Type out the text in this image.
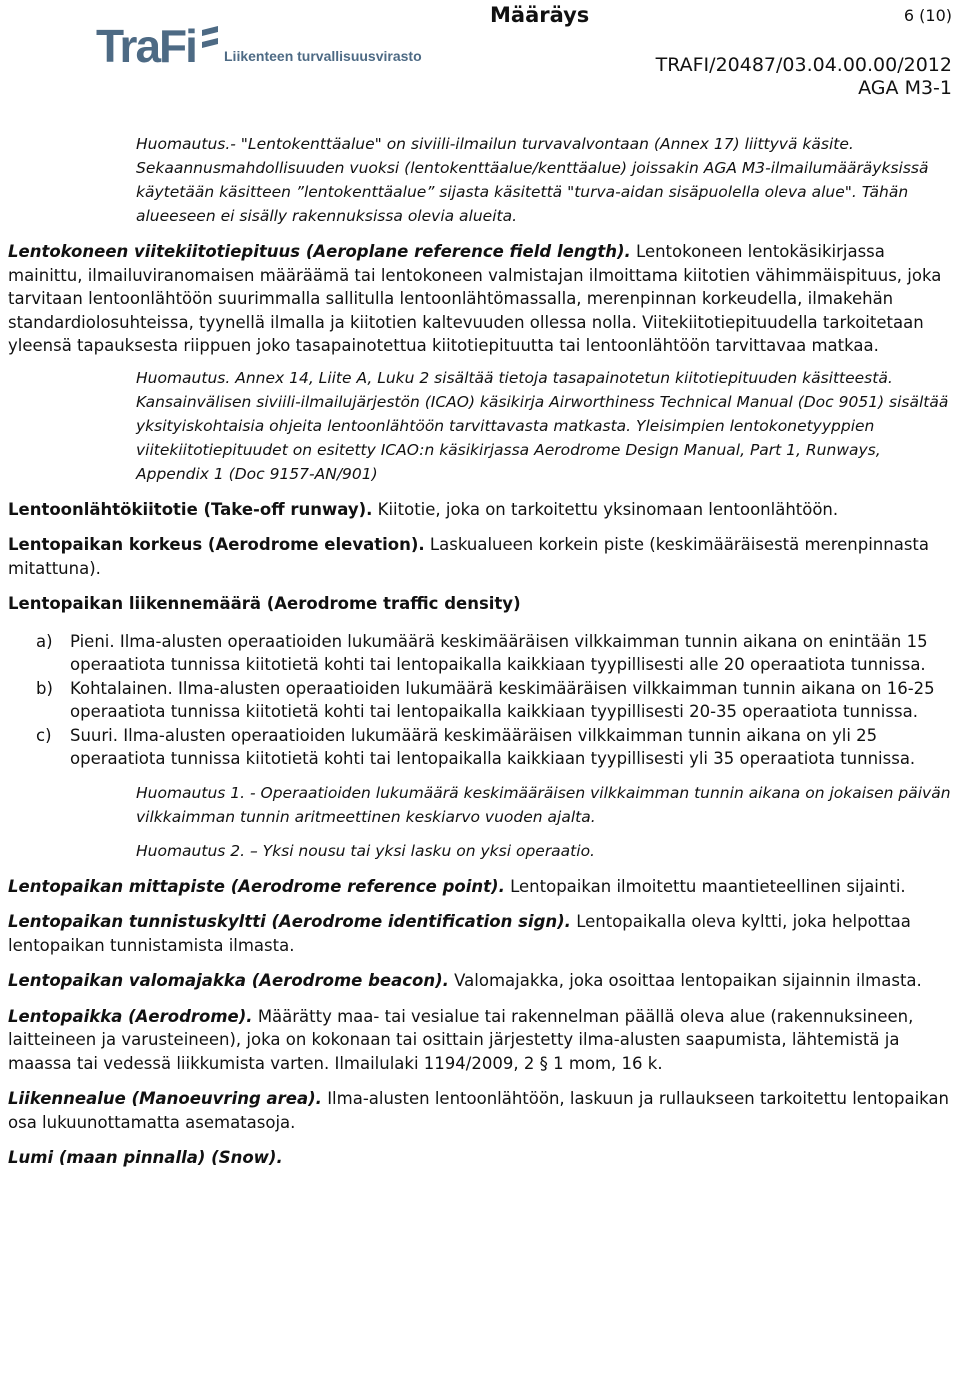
TraFi Liikenteen turvallisuusvirasto
Määräys	6 (10)
TRAFI/20487/03.04.00.00/2012
AGA M3-1

Huomautus.- "Lentokenttäalue" on siviili-ilmailun turvavalvontaan (Annex 17) liittyvä käsite. Sekaannusmahdollisuuden vuoksi (lentokenttäalue/kenttäalue) joissakin AGA M3-ilmailumääräyksissä käytetään käsitteen ”lentokenttäalue” sijasta käsitettä "turva-aidan sisäpuolella oleva alue". Tähän alueeseen ei sisälly rakennuksissa olevia alueita.

Lentokoneen viitekiitotiepituus (Aeroplane reference field length). Lentokoneen lentokäsikirjassa mainittu, ilmailuviranomaisen määräämä tai lentokoneen valmistajan ilmoittama kiitotien vähimmäispituus, joka tarvitaan lentoonlähtöön suurimmalla sallitulla lentoonlähtömassalla, merenpinnan korkeudella, ilmakehän standardiolosuhteissa, tyynellä ilmalla ja kiitotien kaltevuuden ollessa nolla. Viitekiitotiepituudella tarkoitetaan yleensä tapauksesta riippuen joko tasapainotettua kiitotiepituutta tai lentoonlähtöön tarvittavaa matkaa.

Huomautus. Annex 14, Liite A, Luku 2 sisältää tietoja tasapainotetun kiitotiepituuden käsitteestä. Kansainvälisen siviili-ilmailujärjestön (ICAO) käsikirja Airworthiness Technical Manual (Doc 9051) sisältää yksityiskohtaisia ohjeita lentoonlähtöön tarvittavasta matkasta. Yleisimpien lentokonetyyppien viitekiitotiepituudet on esitetty ICAO:n käsikirjassa Aerodrome Design Manual, Part 1, Runways, Appendix 1 (Doc 9157-AN/901)

Lentoonlähtökiitotie (Take-off runway). Kiitotie, joka on tarkoitettu yksinomaan lentoonlähtöön.

Lentopaikan korkeus (Aerodrome elevation). Laskualueen korkein piste (keskimääräisestä merenpinnasta mitattuna).

Lentopaikan liikennemäärä (Aerodrome traffic density)

a) Pieni. Ilma-alusten operaatioiden lukumäärä keskimääräisen vilkkaimman tunnin aikana on enintään 15 operaatiota tunnissa kiitotietä kohti tai lentopaikalla kaikkiaan tyypillisesti alle 20 operaatiota tunnissa.
b) Kohtalainen. Ilma-alusten operaatioiden lukumäärä keskimääräisen vilkkaimman tunnin aikana on 16-25 operaatiota tunnissa kiitotietä kohti tai lentopaikalla kaikkiaan tyypillisesti 20-35 operaatiota tunnissa.
c) Suuri. Ilma-alusten operaatioiden lukumäärä keskimääräisen vilkkaimman tunnin aikana on yli 25 operaatiota tunnissa kiitotietä kohti tai lentopaikalla kaikkiaan tyypillisesti yli 35 operaatiota tunnissa.

Huomautus 1. - Operaatioiden lukumäärä keskimääräisen vilkkaimman tunnin aikana on jokaisen päivän vilkkaimman tunnin aritmeettinen keskiarvo vuoden ajalta.

Huomautus 2. – Yksi nousu tai yksi lasku on yksi operaatio.

Lentopaikan mittapiste (Aerodrome reference point). Lentopaikan ilmoitettu maantieteellinen sijainti.

Lentopaikan tunnistuskyltti (Aerodrome identification sign). Lentopaikalla oleva kyltti, joka helpottaa lentopaikan tunnistamista ilmasta.

Lentopaikan valomajakka (Aerodrome beacon). Valomajakka, joka osoittaa lentopaikan sijainnin ilmasta.

Lentopaikka (Aerodrome). Määrätty maa- tai vesialue tai rakennelman päällä oleva alue (rakennuksineen, laitteineen ja varusteineen), joka on kokonaan tai osittain järjestetty ilma-alusten saapumista, lähtemistä ja maassa tai vedessä liikkumista varten. Ilmailulaki 1194/2009, 2 § 1 mom, 16 k.

Liikennealue (Manoeuvring area). Ilma-alusten lentoonlähtöön, laskuun ja rullaukseen tarkoitettu lentopaikan osa lukuunottamatta asematasoja.

Lumi (maan pinnalla) (Snow).
